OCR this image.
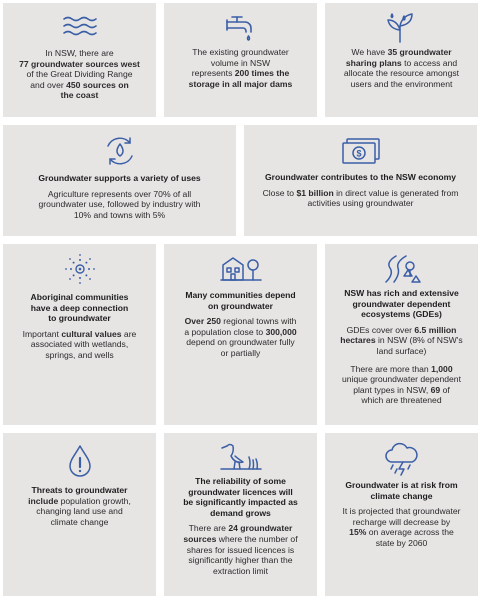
In NSW, there are
77 groundwater sources west
of the Great Dividing Range
and over 450 sources on
the coast
The existing groundwater
volume in NSW
represents 200 times the
storage in all major dams
We have 35 groundwater
sharing plans to access and
allocate the resource amongst
users and the environment
Groundwater supports a variety of uses
Agriculture represents over 70% of all
groundwater use, followed by industry with
10% and towns with 5%
$
Groundwater contributes to the NSW economy
Close to $1 billion in direct value is generated from
activities using groundwater
Aboriginal communities
have a deep connection
to groundwater
Important cultural values are
associated with wetlands,
springs, and wells
Many communities depend
on groundwater
Over 250 regional towns with
a population close to 300,000
depend on groundwater fully
or partially
NSW has rich and extensive
groundwater dependent
ecosystems (GDEs)
GDEs cover over 6.5 million
hectares in NSW (8% of NSW's
land surface)
There are more than 1,000
unique groundwater dependent
plant types in NSW, 69 of
which are threatened
Threats to groundwater
include population growth,
changing land use and
climate change
The reliability of some
groundwater licences will
be significantly impacted as
demand grows
There are 24 groundwater
sources where the number of
shares for issued licences is
significantly higher than the
extraction limit
Groundwater is at risk from
climate change
It is projected that groundwater
recharge will decrease by
15% on average across the
state by 2060
